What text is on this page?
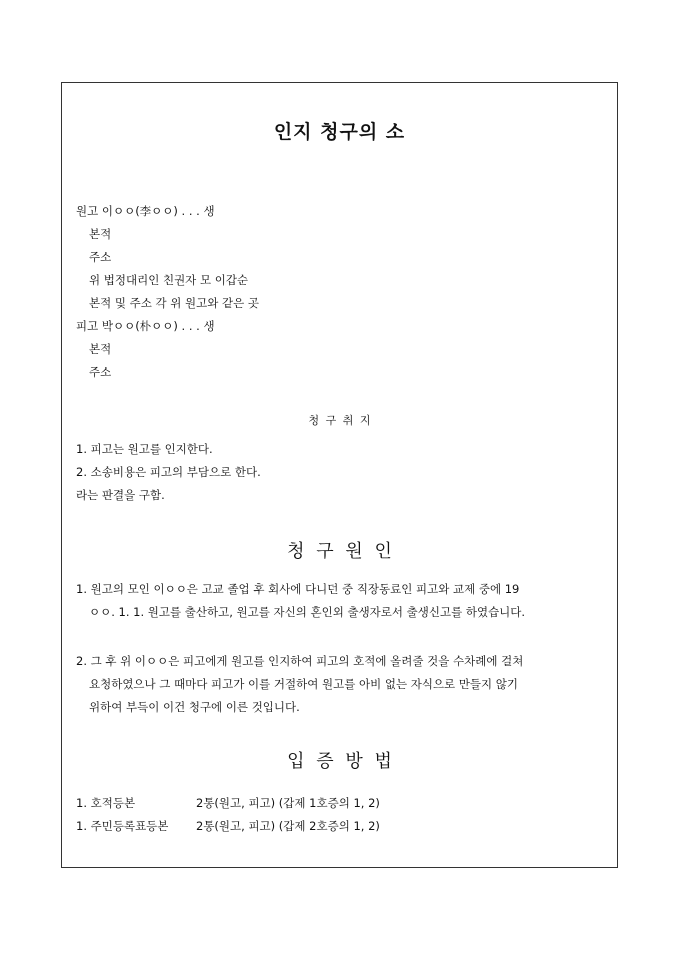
인지 청구의 소
원고 이ㅇㅇ(李ㅇㅇ) . . . 생
본적
주소
위 법정대리인 친권자 모 이갑순
본적 및 주소 각 위 원고와 같은 곳
피고 박ㅇㅇ(朴ㅇㅇ) . . . 생
본적
주소
청 구 취 지
1. 피고는 원고를 인지한다.
2. 소송비용은 피고의 부담으로 한다.
라는 판결을 구함.
청 구 원 인
1. 원고의 모인 이ㅇㅇ은 고교 졸업 후 회사에 다니던 중 직장동료인 피고와 교제 중에 19
ㅇㅇ. 1. 1. 원고를 출산하고, 원고를 자신의 혼인외 출생자로서 출생신고를 하였습니다.
2. 그 후 위 이ㅇㅇ은 피고에게 원고를 인지하여 피고의 호적에 올려줄 것을 수차례에 걸쳐
요청하였으나 그 때마다 피고가 이를 거절하여 원고를 아비 없는 자식으로 만들지 않기
위하여 부득이 이건 청구에 이른 것입니다.
입 증 방 법
1. 호적등본	2통(원고, 피고) (갑제 1호증의 1, 2)
1. 주민등록표등본 2통(원고, 피고) (갑제 2호증의 1, 2)
